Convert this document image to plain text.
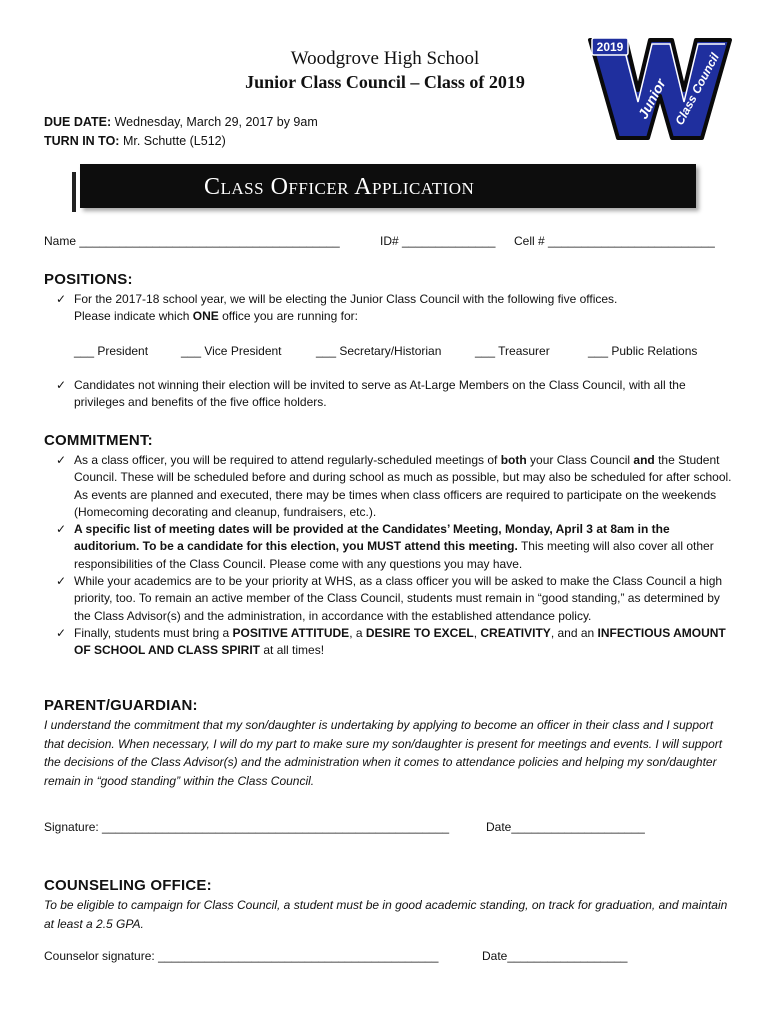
Woodgrove High School
Junior Class Council – Class of 2019
2019
Junior Class Council
DUE DATE: Wednesday, March 29, 2017 by 9am
TURN IN TO: Mr. Schutte (L512)
Class Officer Application
Name _______________________________________	ID# ______________ Cell # _________________________
POSITIONS:
✓ For the 2017-18 school year, we will be electing the Junior Class Council with the following five offices.
Please indicate which ONE office you are running for:
___ President	___ Vice President	___ Secretary/Historian	___ Treasurer	___ Public Relations
✓ Candidates not winning their election will be invited to serve as At-Large Members on the Class Council, with all the privileges and benefits of the five office holders.
COMMITMENT:
✓ As a class officer, you will be required to attend regularly-scheduled meetings of both your Class Council and the Student Council. These will be scheduled before and during school as much as possible, but may also be scheduled for after school. As events are planned and executed, there may be times when class officers are required to participate on the weekends (Homecoming decorating and cleanup, fundraisers, etc.).
✓ A specific list of meeting dates will be provided at the Candidates’ Meeting, Monday, April 3 at 8am in the auditorium. To be a candidate for this election, you MUST attend this meeting. This meeting will also cover all other responsibilities of the Class Council. Please come with any questions you may have.
✓ While your academics are to be your priority at WHS, as a class officer you will be asked to make the Class Council a high priority, too. To remain an active member of the Class Council, students must remain in “good standing,” as determined by the Class Advisor(s) and the administration, in accordance with the established attendance policy.
✓ Finally, students must bring a POSITIVE ATTITUDE, a DESIRE TO EXCEL, CREATIVITY, and an INFECTIOUS AMOUNT OF SCHOOL AND CLASS SPIRIT at all times!
PARENT/GUARDIAN:
I understand the commitment that my son/daughter is undertaking by applying to become an officer in their class and I support that decision. When necessary, I will do my part to make sure my son/daughter is present for meetings and events. I will support the decisions of the Class Advisor(s) and the administration when it comes to attendance policies and helping my son/daughter remain in “good standing” within the Class Council.
Signature: ____________________________________________________	Date____________________
COUNSELING OFFICE:
To be eligible to campaign for Class Council, a student must be in good academic standing, on track for graduation, and maintain at least a 2.5 GPA.
Counselor signature: __________________________________________	Date__________________
